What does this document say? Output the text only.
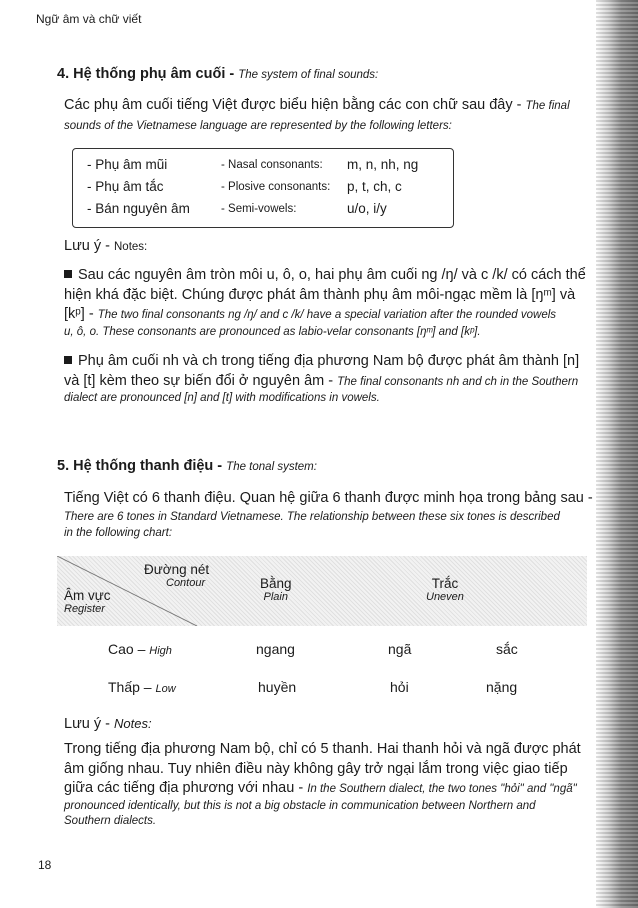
Ngữ âm và chữ viết
4. Hệ thống phụ âm cuối - The system of final sounds:
Các phụ âm cuối tiếng Việt được biểu hiện bằng các con chữ sau đây - The final
sounds of the Vietnamese language are represented by the following letters:
- Phụ âm mũi	- Nasal consonants: m, n, nh, ng
- Phụ âm tắc	- Plosive consonants: p, t, ch, c
- Bán nguyên âm	- Semi-vowels:	u/o, i/y
Lưu ý - Notes:
Sau các nguyên âm tròn môi u, ô, o, hai phụ âm cuối ng /ŋ/ và c /k/ có cách thể
hiện khá đặc biệt. Chúng được phát âm thành phụ âm môi-ngạc mềm là [ŋᵐ] và
[kᵖ] - The two final consonants ng /ŋ/ and c /k/ have a special variation after the rounded vowels
u, ô, o. These consonants are pronounced as labio-velar consonants [ŋᵐ] and [kᵖ].
Phụ âm cuối nh và ch trong tiếng địa phương Nam bộ được phát âm thành [n]
và [t] kèm theo sự biến đổi ở nguyên âm - The final consonants nh and ch in the Southern
dialect are pronounced [n] and [t] with modifications in vowels.
5. Hệ thống thanh điệu - The tonal system:
Tiếng Việt có 6 thanh điệu. Quan hệ giữa 6 thanh được minh họa trong bảng sau -
There are 6 tones in Standard Vietnamese. The relationship between these six tones is described
in the following chart:
Đường nét
Contour
Âm vực
Register
Bằng
Plain
Trắc
Uneven
Cao – High	ngang	ngã	sắc
Thấp – Low	huyền	hỏi	nặng
Lưu ý - Notes:
Trong tiếng địa phương Nam bộ, chỉ có 5 thanh. Hai thanh hỏi và ngã được phát
âm giống nhau. Tuy nhiên điều này không gây trở ngại lắm trong việc giao tiếp
giữa các tiếng địa phương với nhau - In the Southern dialect, the two tones "hỏi" and "ngã"
pronounced identically, but this is not a big obstacle in communication between Northern and
Southern dialects.
18
